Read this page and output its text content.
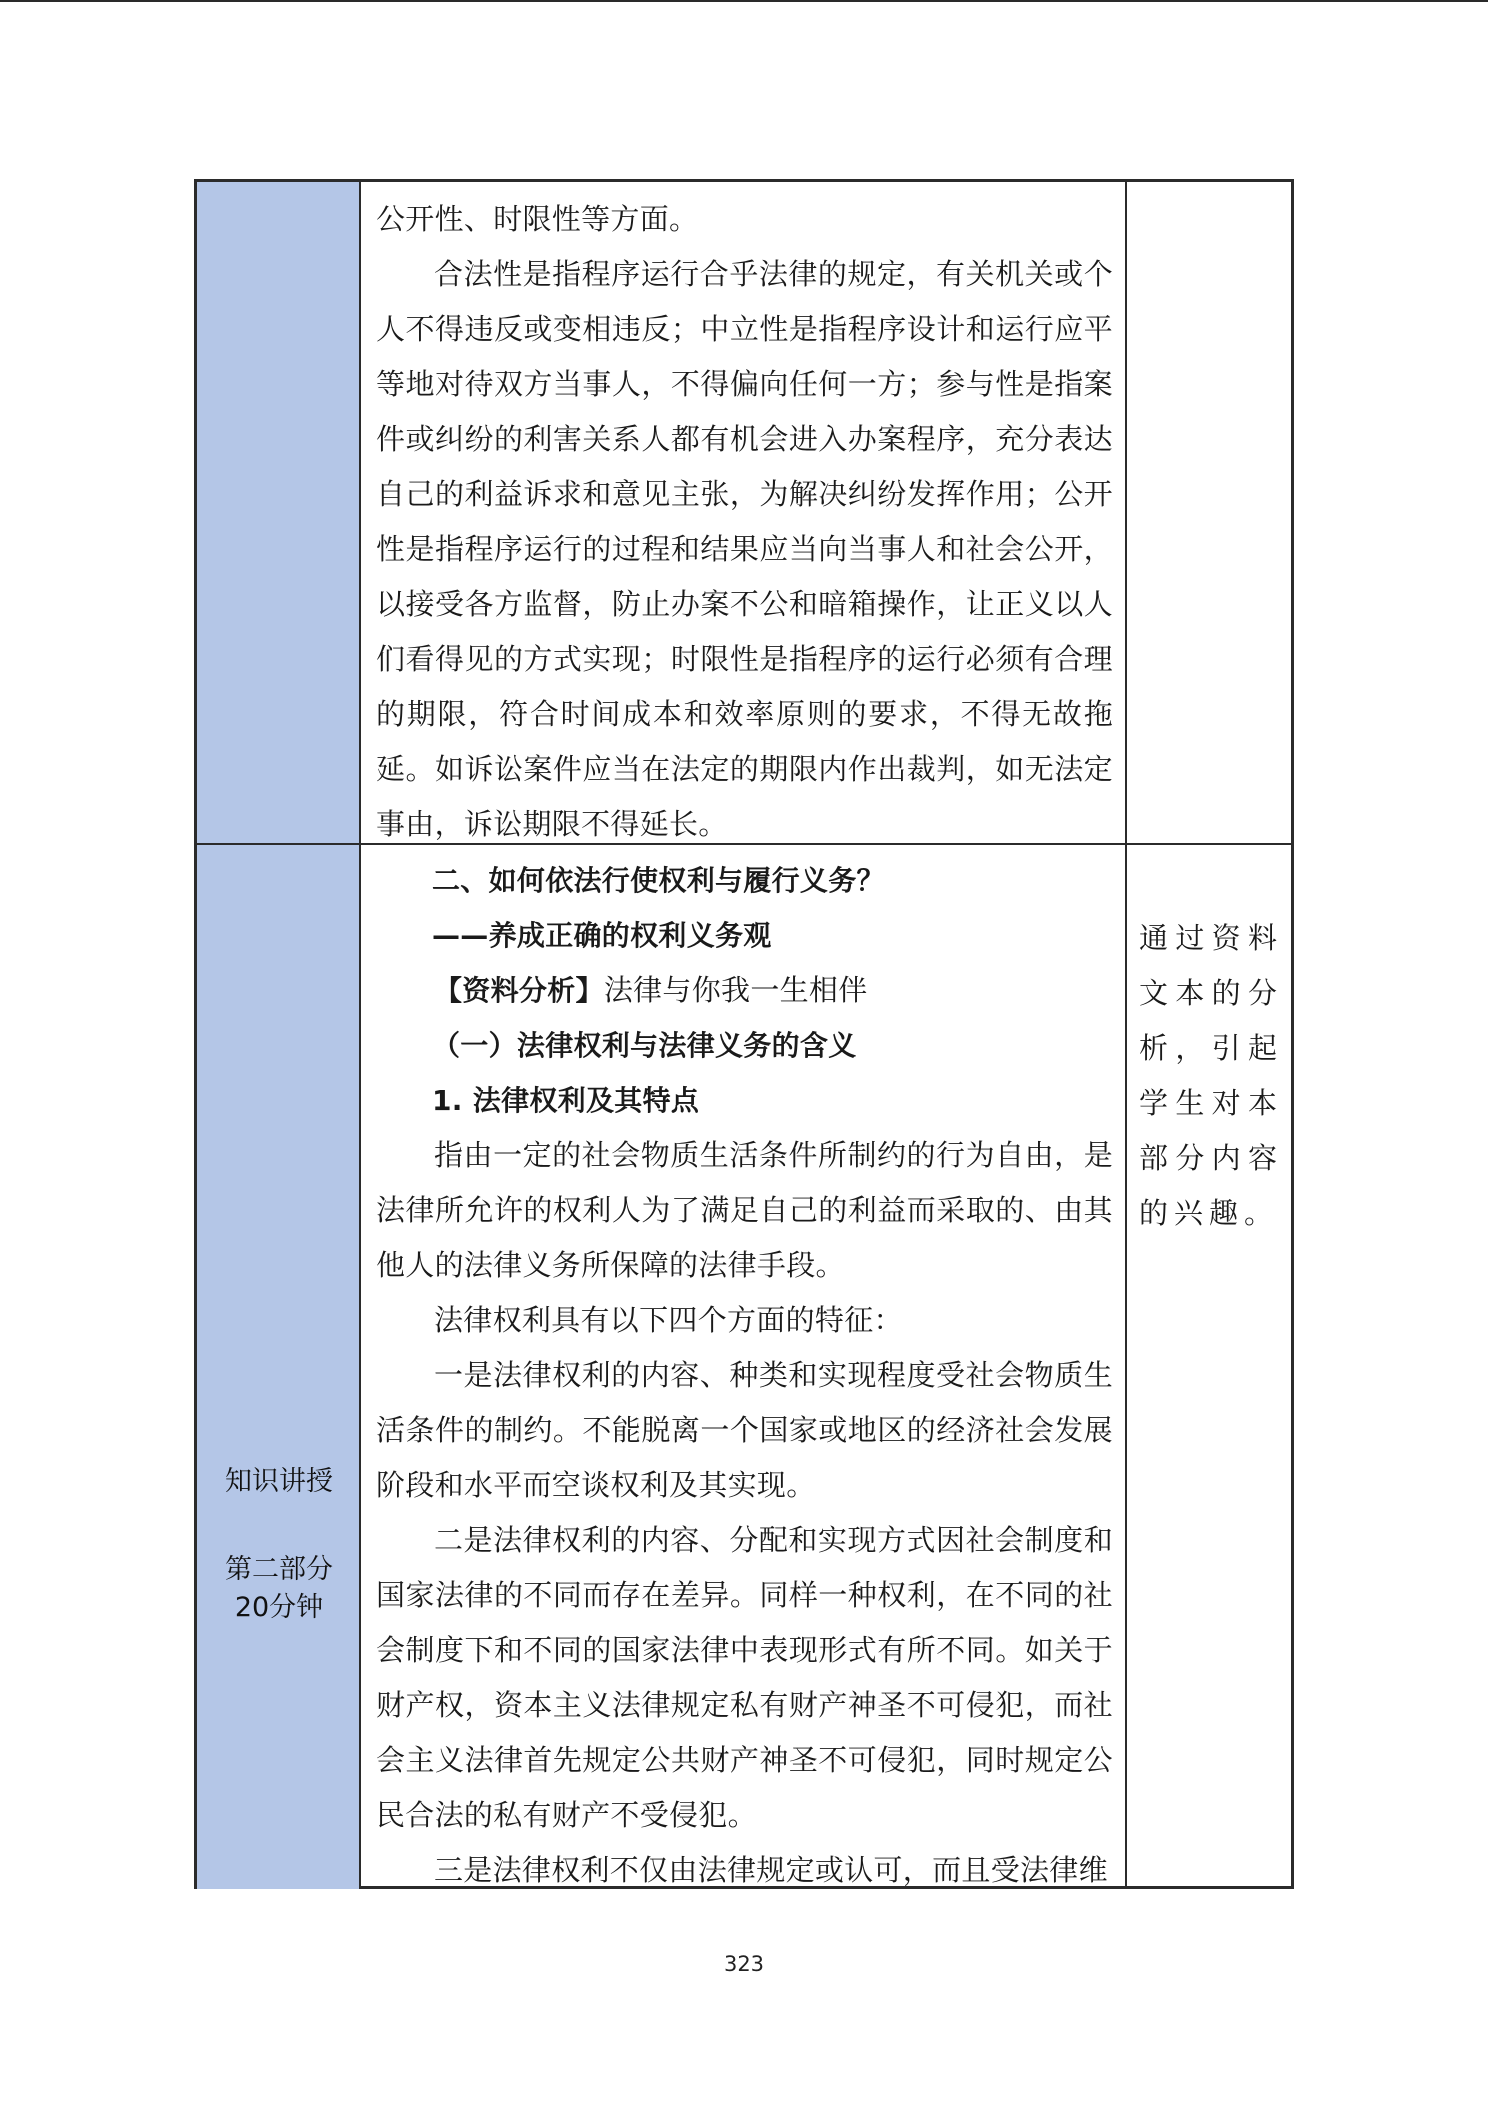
公开性、时限性等方面。

合法性是指程序运行合乎法律的规定，有关机关或个人不得违反或变相违反；中立性是指程序设计和运行应平等地对待双方当事人，不得偏向任何一方；参与性是指案件或纠纷的利害关系人都有机会进入办案程序，充分表达自己的利益诉求和意见主张，为解决纠纷发挥作用；公开性是指程序运行的过程和结果应当向当事人和社会公开，以接受各方监督，防止办案不公和暗箱操作，让正义以人们看得见的方式实现；时限性是指程序的运行必须有合理的期限，符合时间成本和效率原则的要求，不得无故拖延。如诉讼案件应当在法定的期限内作出裁判，如无法定事由，诉讼期限不得延长。

知识讲授
第二部分
20分钟

二、如何依法行使权利与履行义务？

——养成正确的权利义务观

【资料分析】法律与你我一生相伴

（一）法律权利与法律义务的含义

1. 法律权利及其特点

指由一定的社会物质生活条件所制约的行为自由，是法律所允许的权利人为了满足自己的利益而采取的、由其他人的法律义务所保障的法律手段。

法律权利具有以下四个方面的特征：

一是法律权利的内容、种类和实现程度受社会物质生活条件的制约。不能脱离一个国家或地区的经济社会发展阶段和水平而空谈权利及其实现。

二是法律权利的内容、分配和实现方式因社会制度和国家法律的不同而存在差异。同样一种权利，在不同的社会制度下和不同的国家法律中表现形式有所不同。如关于财产权，资本主义法律规定私有财产神圣不可侵犯，而社会主义法律首先规定公共财产神圣不可侵犯，同时规定公民合法的私有财产不受侵犯。

三是法律权利不仅由法律规定或认可，而且受法律维

通过资料文本的分析，引起学生对本部分内容的兴趣。

323
